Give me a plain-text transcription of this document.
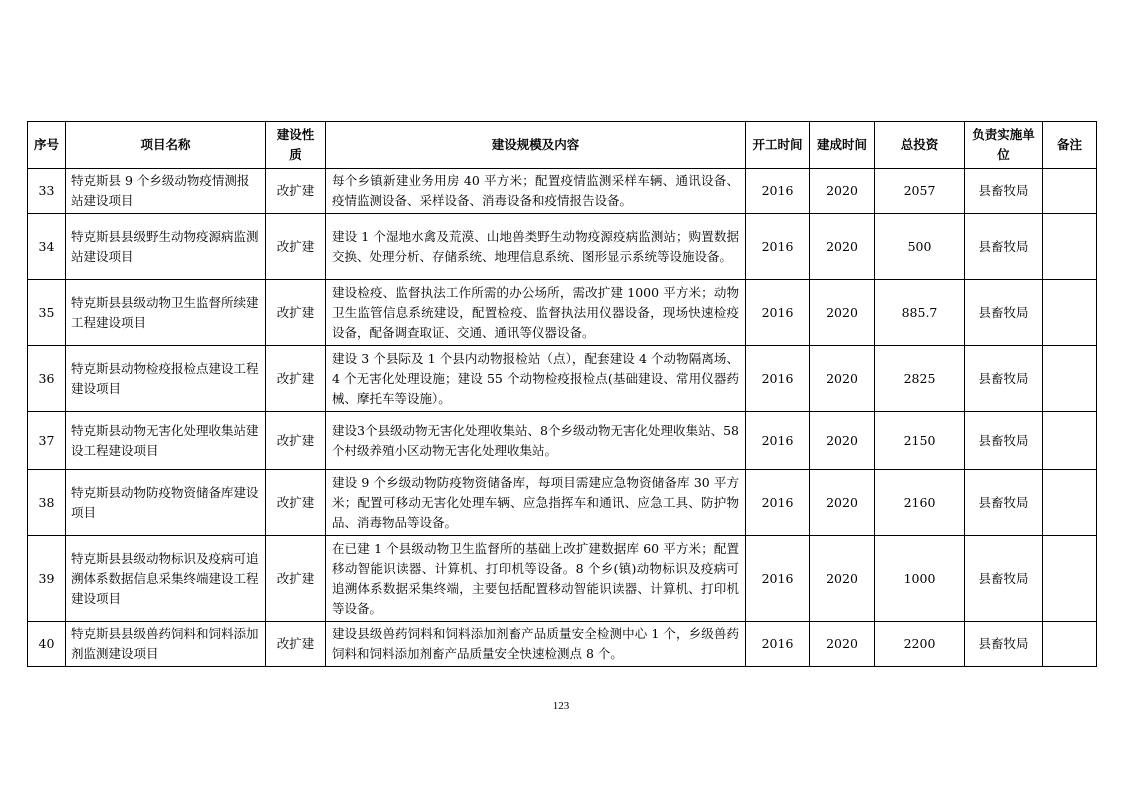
序号	项目名称	建设性质	建设规模及内容	开工时间	建成时间	总投资	负责实施单位	备注
33	特克斯县 9 个乡级动物疫情测报站建设项目	改扩建	每个乡镇新建业务用房 40 平方米；配置疫情监测采样车辆、通讯设备、疫情监测设备、采样设备、消毒设备和疫情报告设备。	2016	2020	2057	县畜牧局	
34	特克斯县县级野生动物疫源病监测站建设项目	改扩建	建设 1 个湿地水禽及荒漠、山地兽类野生动物疫源疫病监测站；购置数据交换、处理分析、存储系统、地理信息系统、图形显示系统等设施设备。	2016	2020	500	县畜牧局	
35	特克斯县县级动物卫生监督所续建工程建设项目	改扩建	建设检疫、监督执法工作所需的办公场所，需改扩建 1000 平方米；动物卫生监管信息系统建设，配置检疫、监督执法用仪器设备，现场快速检疫设备，配备调查取证、交通、通讯等仪器设备。	2016	2020	885.7	县畜牧局	
36	特克斯县动物检疫报检点建设工程建设项目	改扩建	建设 3 个县际及 1 个县内动物报检站（点），配套建设 4 个动物隔离场、4 个无害化处理设施；建设 55 个动物检疫报检点(基础建设、常用仪器药械、摩托车等设施）。	2016	2020	2825	县畜牧局	
37	特克斯县动物无害化处理收集站建设工程建设项目	改扩建	建设3个县级动物无害化处理收集站、8个乡级动物无害化处理收集站、58 个村级养殖小区动物无害化处理收集站。	2016	2020	2150	县畜牧局	
38	特克斯县动物防疫物资储备库建设项目	改扩建	建设 9 个乡级动物防疫物资储备库，每项目需建应急物资储备库 30 平方米；配置可移动无害化处理车辆、应急指挥车和通讯、应急工具、防护物品、消毒物品等设备。	2016	2020	2160	县畜牧局	
39	特克斯县县级动物标识及疫病可追溯体系数据信息采集终端建设工程建设项目	改扩建	在已建 1 个县级动物卫生监督所的基础上改扩建数据库 60 平方米；配置移动智能识读器、计算机、打印机等设备。8 个乡(镇)动物标识及疫病可追溯体系数据采集终端，主要包括配置移动智能识读器、计算机、打印机等设备。	2016	2020	1000	县畜牧局	
40	特克斯县县级兽药饲料和饲料添加剂监测建设项目	改扩建	建设县级兽药饲料和饲料添加剂畜产品质量安全检测中心 1 个，乡级兽药饲料和饲料添加剂畜产品质量安全快速检测点 8 个。	2016	2020	2200	县畜牧局	
123
